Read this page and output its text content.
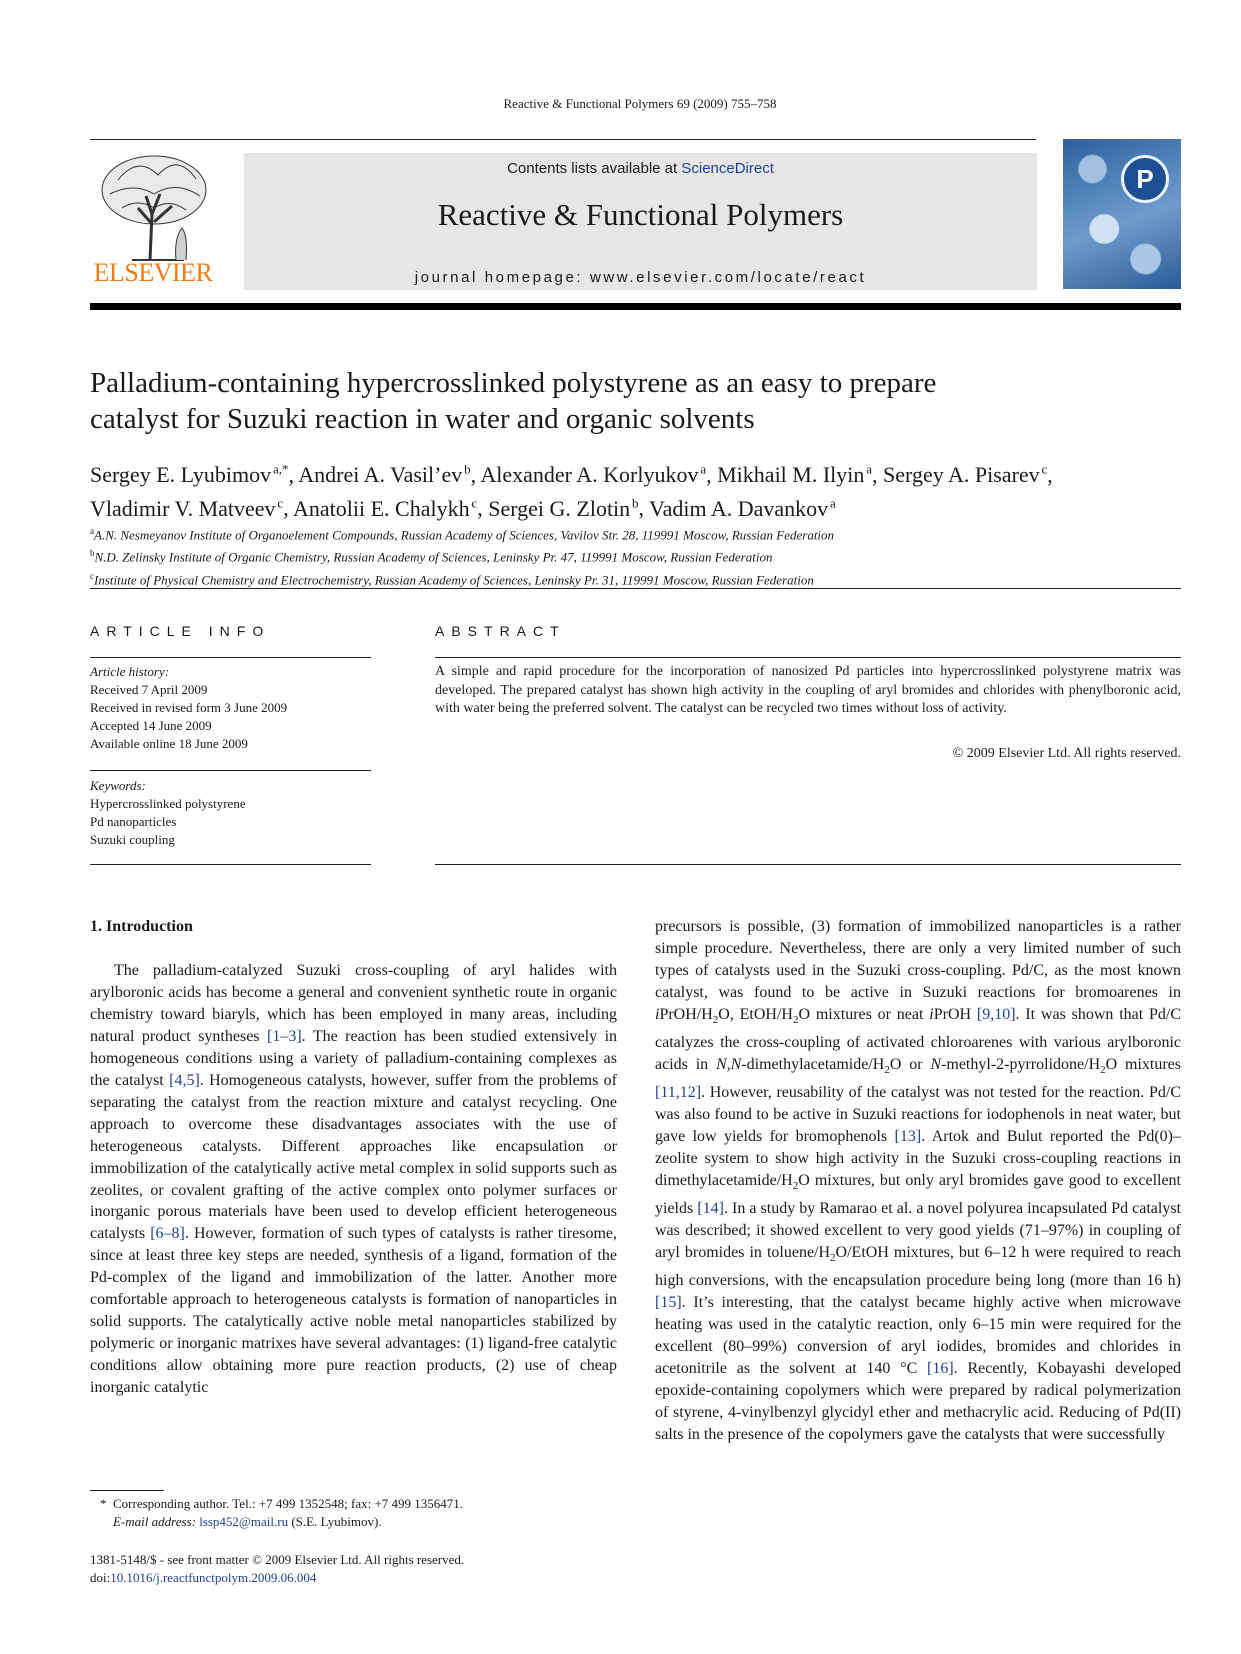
Reactive & Functional Polymers 69 (2009) 755–758
ELSEVIER
Contents lists available at ScienceDirect
Reactive & Functional Polymers
journal homepage: www.elsevier.com/locate/react
P
Palladium-containing hypercrosslinked polystyrene as an easy to prepare
catalyst for Suzuki reaction in water and organic solvents
Sergey E. Lyubimov  $^{a,*}$, Andrei A. Vasil’ev  $^b$, Alexander A. Korlyukov  $^a$, Mikhail M. Ilyin  $^a$, Sergey A. Pisarev  $^c$,
Vladimir V. Matveev  $^c$, Anatolii E. Chalykh  $^c$, Sergei G. Zlotin  $^b$, Vadim A. Davankov  $^a$
$^a$A.N. Nesmeyanov Institute of Organoelement Compounds, Russian Academy of Sciences, Vavilov Str. 28, 119991 Moscow, Russian Federation
$^b$N.D. Zelinsky Institute of Organic Chemistry, Russian Academy of Sciences, Leninsky Pr. 47, 119991 Moscow, Russian Federation
$^c$Institute of Physical Chemistry and Electrochemistry, Russian Academy of Sciences, Leninsky Pr. 31, 119991 Moscow, Russian Federation
ARTICLE INFO	ABSTRACT
Article history:
Received 7 April 2009
Received in revised form 3 June 2009
Accepted 14 June 2009
Available online 18 June 2009
Keywords:
Hypercrosslinked polystyrene
Pd nanoparticles
Suzuki coupling
A simple and rapid procedure for the incorporation of nanosized Pd particles into hypercrosslinked polystyrene matrix was developed. The prepared catalyst has shown high activity in the coupling of aryl bromides and chlorides with phenylboronic acid, with water being the preferred solvent. The catalyst can be recycled two times without loss of activity.
© 2009 Elsevier Ltd. All rights reserved.
1. Introduction
The palladium-catalyzed Suzuki cross-coupling of aryl halides with arylboronic acids has become a general and convenient synthetic route in organic chemistry toward biaryls, which has been employed in many areas, including natural product syntheses [1–3]. The reaction has been studied extensively in homogeneous conditions using a variety of palladium-containing complexes as the catalyst [4,5]. Homogeneous catalysts, however, suffer from the problems of separating the catalyst from the reaction mixture and catalyst recycling. One approach to overcome these disadvantages associates with the use of heterogeneous catalysts. Different approaches like encapsulation or immobilization of the catalytically active metal complex in solid supports such as zeolites, or covalent grafting of the active complex onto polymer surfaces or inorganic porous materials have been used to develop efficient heterogeneous catalysts [6–8]. However, formation of such types of catalysts is rather tiresome, since at least three key steps are needed, synthesis of a ligand, formation of the Pd-complex of the ligand and immobilization of the latter. Another more comfortable approach to heterogeneous catalysts is formation of nanoparticles in solid supports. The catalytically active noble metal nanoparticles stabilized by polymeric or inorganic matrixes have several advantages: (1) ligand-free catalytic conditions allow obtaining more pure reaction products, (2) use of cheap inorganic catalytic
precursors is possible, (3) formation of immobilized nanoparticles is a rather simple procedure. Nevertheless, there are only a very limited number of such types of catalysts used in the Suzuki cross-coupling. Pd/C, as the most known catalyst, was found to be active in Suzuki reactions for bromoarenes in iPrOH/$H_2O$, EtOH/$H_2O$ mixtures or neat iPrOH [9,10]. It was shown that Pd/C catalyzes the cross-coupling of activated chloroarenes with various arylboronic acids in $N,N-dimethylacetamide/H_2O$ or $N-methyl-2-pyrrolidone/H_2O$ mixtures [11,12]. However, reusability of the catalyst was not tested for the reaction. Pd/C was also found to be active in Suzuki reactions for iodophenols in neat water, but gave low yields for bromophenols [13]. Artok and Bulut reported the Pd(0)–zeolite system to show high activity in the Suzuki cross-coupling reactions in dimethylacetamide/$H_2O$ mixtures, but only aryl bromides gave good to excellent yields [14]. In a study by Ramarao et al. a novel polyurea incapsulated Pd catalyst was described; it showed excellent to very good yields (71–97%) in coupling of aryl bromides in toluene/$H_2O$/EtOH mixtures, but 6–12 h were required to reach high conversions, with the encapsulation procedure being long (more than 16 h) [15]. It’s interesting, that the catalyst became highly active when microwave heating was used in the catalytic reaction, only 6–15 min were required for the excellent (80–99%) conversion of aryl iodides, bromides and chlorides in acetonitrile as the solvent at 140 °C [16]. Recently, Kobayashi developed epoxide-containing copolymers which were prepared by radical polymerization of styrene, 4-vinylbenzyl glycidyl ether and methacrylic acid. Reducing of Pd(II) salts in the presence of the copolymers gave the catalysts that were successfully
* Corresponding author. Tel.: +7 499 1352548; fax: +7 499 1356471.
E-mail address: lssp452@mail.ru (S.E. Lyubimov).
1381-5148/$ - see front matter © 2009 Elsevier Ltd. All rights reserved.
doi:10.1016/j.reactfunctpolym.2009.06.004
